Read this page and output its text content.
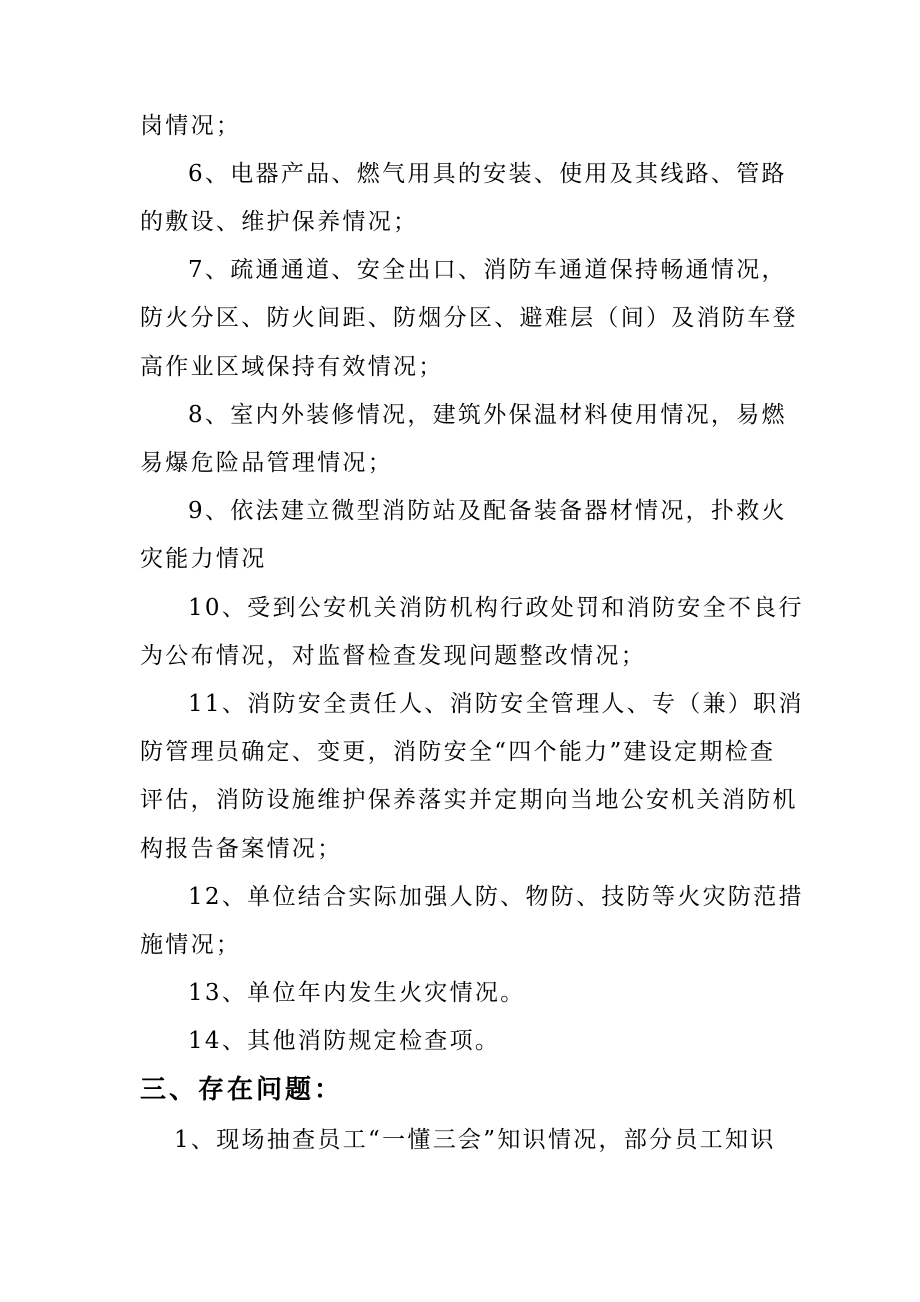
岗情况；
6、电器产品、燃气用具的安装、使用及其线路、管路
的敷设、维护保养情况；
7、疏通通道、安全出口、消防车通道保持畅通情况，
防火分区、防火间距、防烟分区、避难层（间）及消防车登
高作业区域保持有效情况；
8、室内外装修情况，建筑外保温材料使用情况，易燃
易爆危险品管理情况；
9、依法建立微型消防站及配备装备器材情况，扑救火
灾能力情况
10、受到公安机关消防机构行政处罚和消防安全不良行
为公布情况，对监督检查发现问题整改情况；
11、消防安全责任人、消防安全管理人、专（兼）职消
防管理员确定、变更，消防安全“四个能力”建设定期检查
评估，消防设施维护保养落实并定期向当地公安机关消防机
构报告备案情况；
12、单位结合实际加强人防、物防、技防等火灾防范措
施情况；
13、单位年内发生火灾情况。
14、其他消防规定检查项。
三、存在问题：
1、现场抽查员工“一懂三会”知识情况，部分员工知识
